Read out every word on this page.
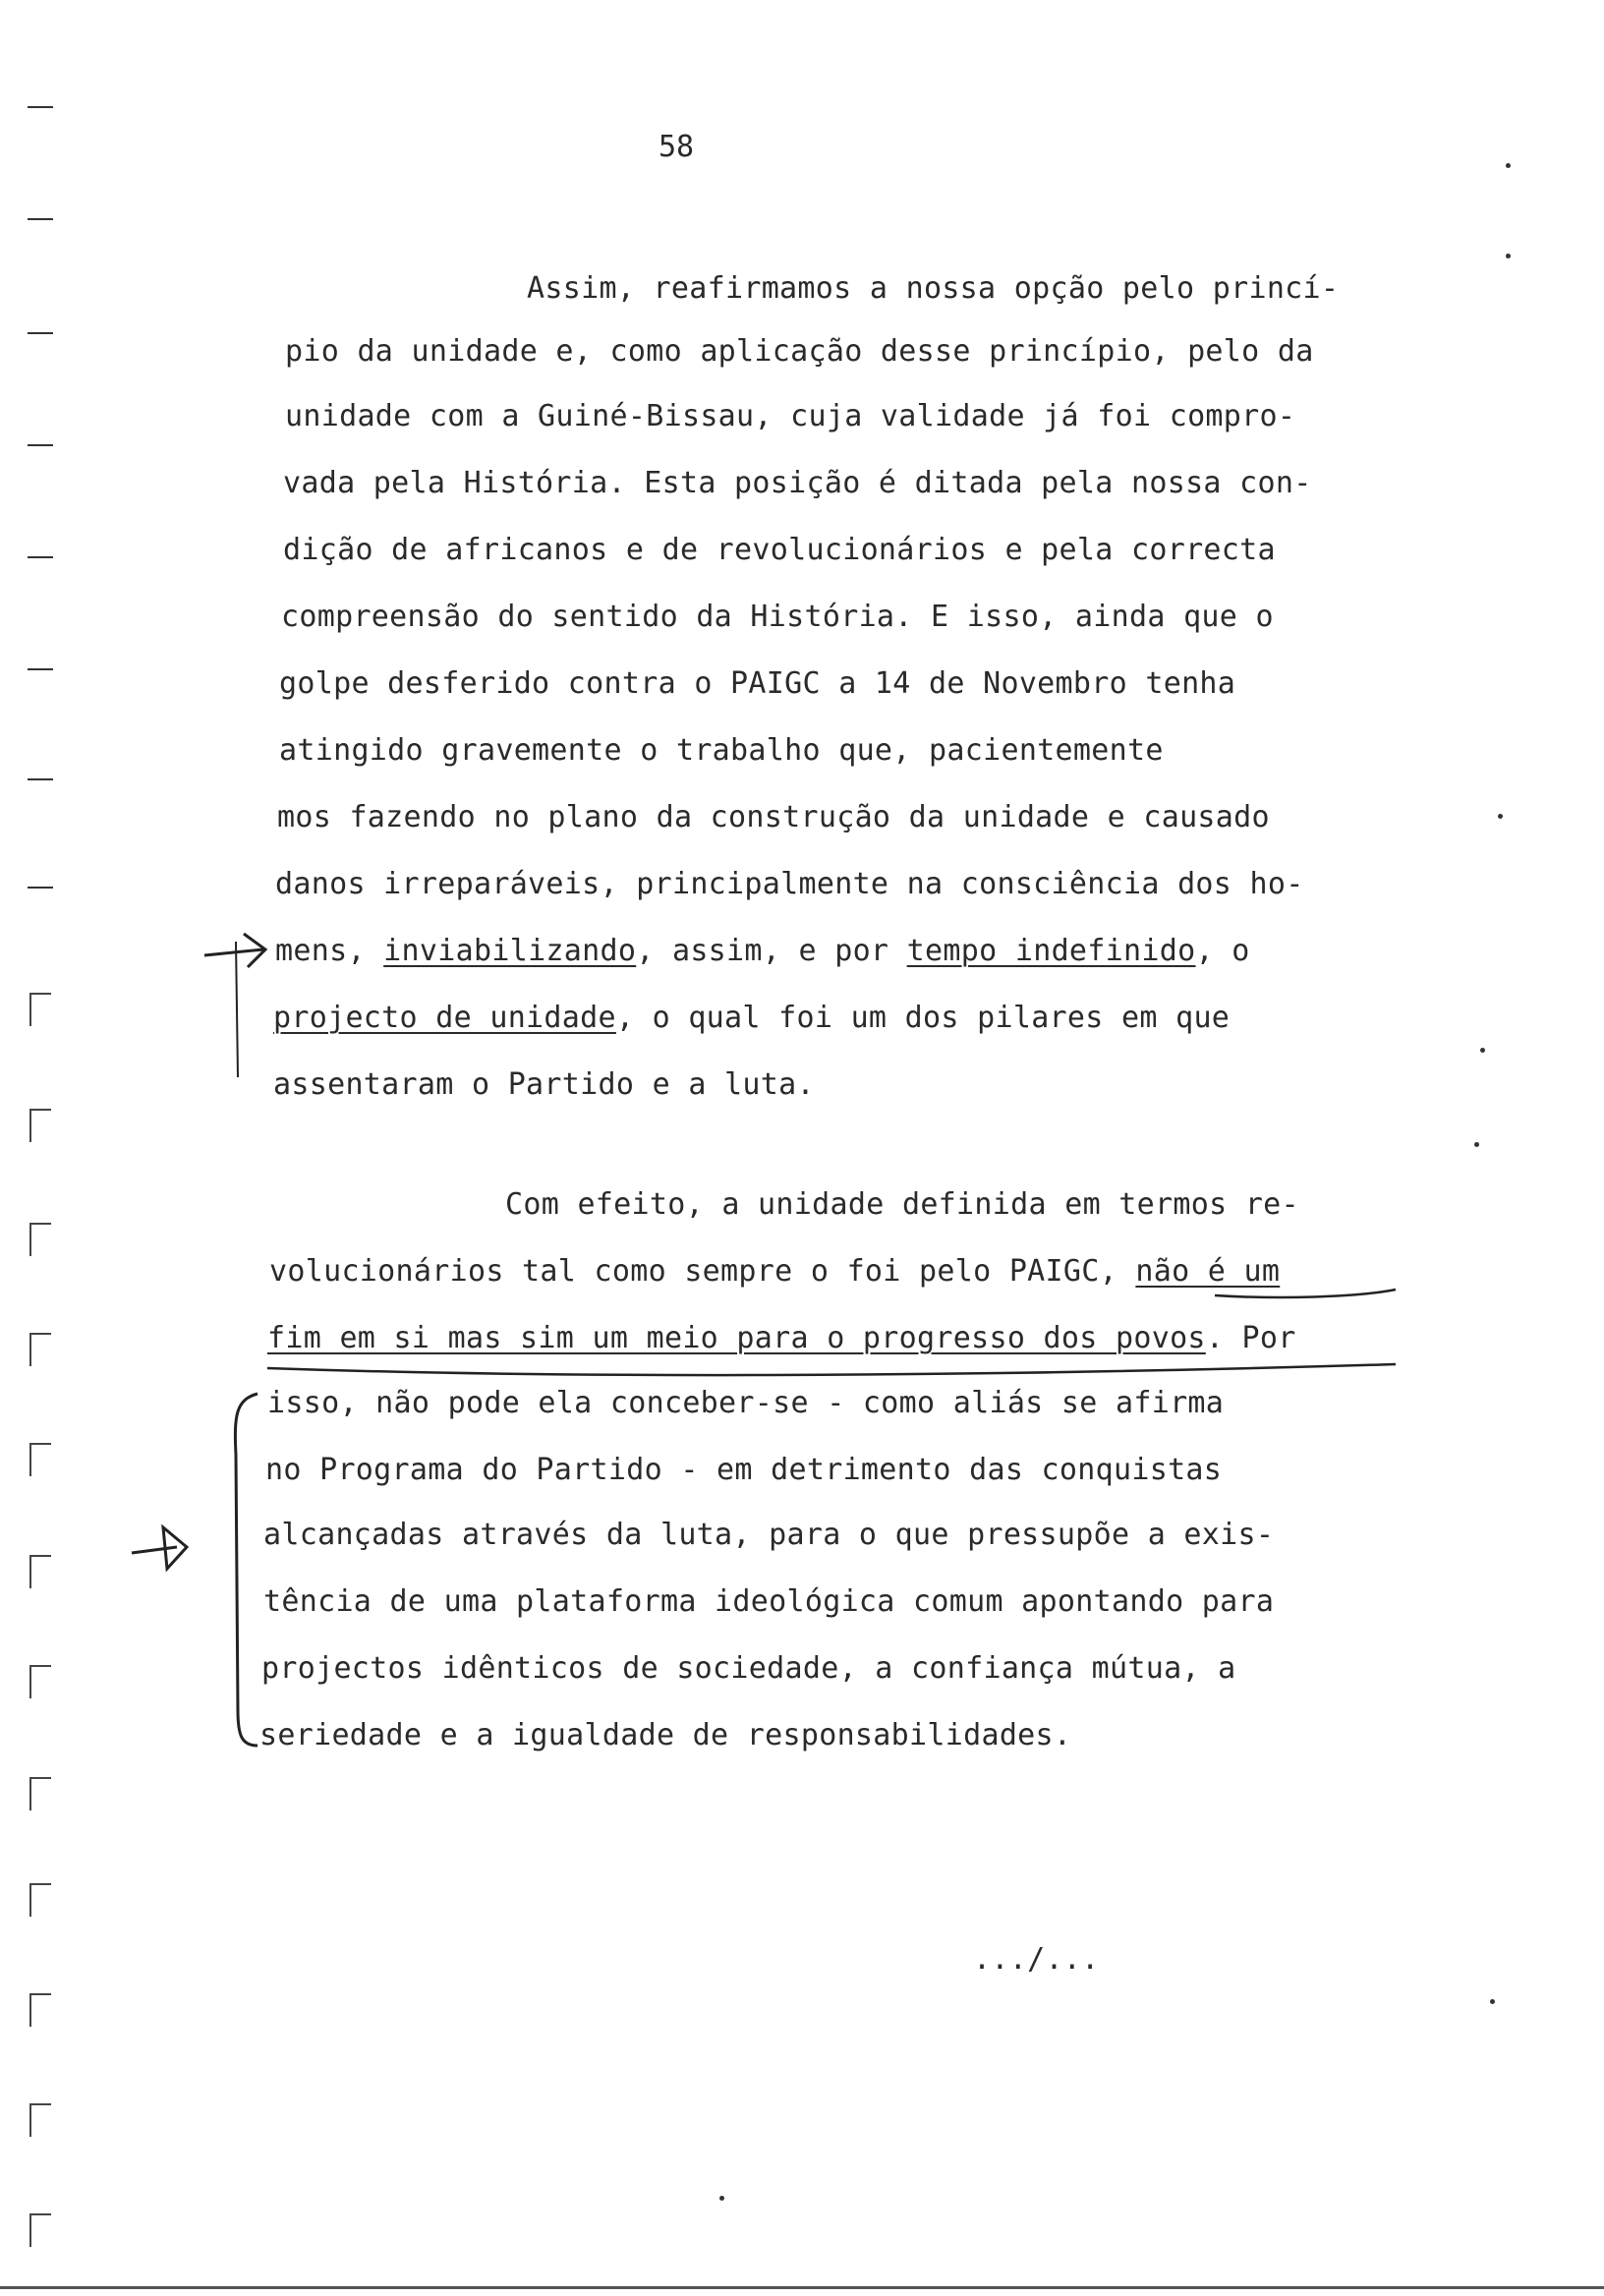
58
Assim, reafirmamos a nossa opção pelo princí-
pio da unidade e, como aplicação desse princípio, pelo da
unidade com a Guiné-Bissau, cuja validade já foi compro-
vada pela História. Esta posição é ditada pela nossa con-
dição de africanos e de revolucionários e pela correcta
compreensão do sentido da História. E isso, ainda que o
golpe desferido contra o PAIGC a 14 de Novembro tenha
atingido gravemente o trabalho que, pacientemente
mos fazendo no plano da construção da unidade e causado
danos irreparáveis, principalmente na consciência dos ho-
mens, inviabilizando, assim, e por tempo indefinido, o
projecto de unidade, o qual foi um dos pilares em que
assentaram o Partido e a luta.
Com efeito, a unidade definida em termos re-
volucionários tal como sempre o foi pelo PAIGC, não é um
fim em si mas sim um meio para o progresso dos povos. Por
isso, não pode ela conceber-se - como aliás se afirma
no Programa do Partido - em detrimento das conquistas
alcançadas através da luta, para o que pressupõe a exis-
tência de uma plataforma ideológica comum apontando para
projectos idênticos de sociedade, a confiança mútua, a
seriedade e a igualdade de responsabilidades.
.../...
